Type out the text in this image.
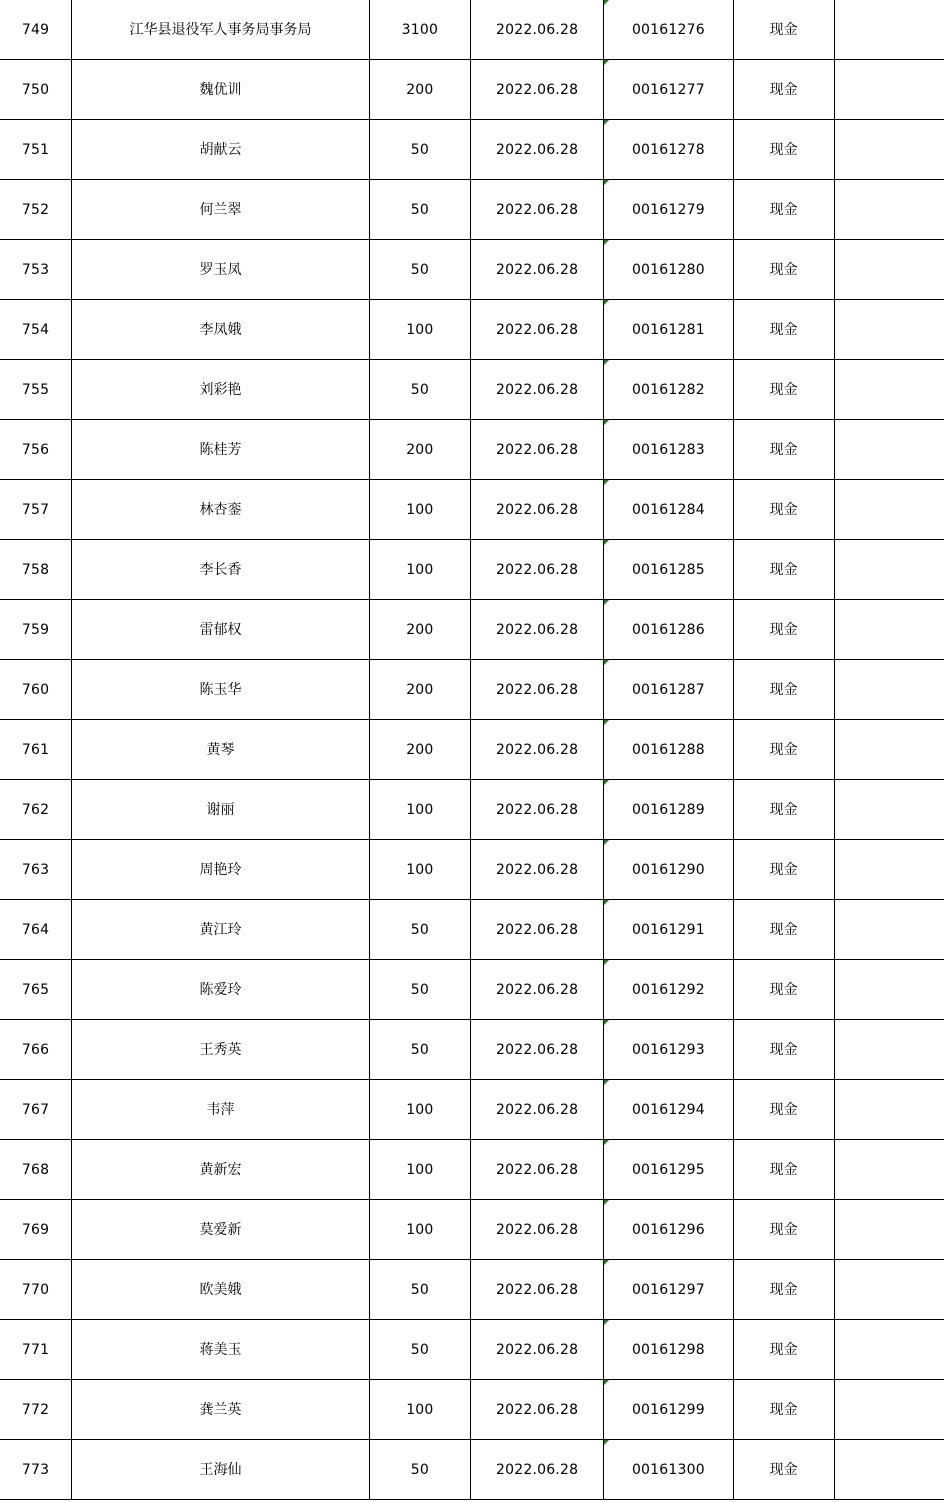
749	江华县退役军人事务局事务局	3100	2022.06.28	00161276	现金	
750	魏优训	200	2022.06.28	00161277	现金	
751	胡献云	50	2022.06.28	00161278	现金	
752	何兰翠	50	2022.06.28	00161279	现金	
753	罗玉凤	50	2022.06.28	00161280	现金	
754	李凤娥	100	2022.06.28	00161281	现金	
755	刘彩艳	50	2022.06.28	00161282	现金	
756	陈桂芳	200	2022.06.28	00161283	现金	
757	林杏銮	100	2022.06.28	00161284	现金	
758	李长香	100	2022.06.28	00161285	现金	
759	雷郁权	200	2022.06.28	00161286	现金	
760	陈玉华	200	2022.06.28	00161287	现金	
761	黄琴	200	2022.06.28	00161288	现金	
762	谢丽	100	2022.06.28	00161289	现金	
763	周艳玲	100	2022.06.28	00161290	现金	
764	黄江玲	50	2022.06.28	00161291	现金	
765	陈爱玲	50	2022.06.28	00161292	现金	
766	王秀英	50	2022.06.28	00161293	现金	
767	韦萍	100	2022.06.28	00161294	现金	
768	黄新宏	100	2022.06.28	00161295	现金	
769	莫爱新	100	2022.06.28	00161296	现金	
770	欧美娥	50	2022.06.28	00161297	现金	
771	蒋美玉	50	2022.06.28	00161298	现金	
772	龚兰英	100	2022.06.28	00161299	现金	
773	王海仙	50	2022.06.28	00161300	现金	
